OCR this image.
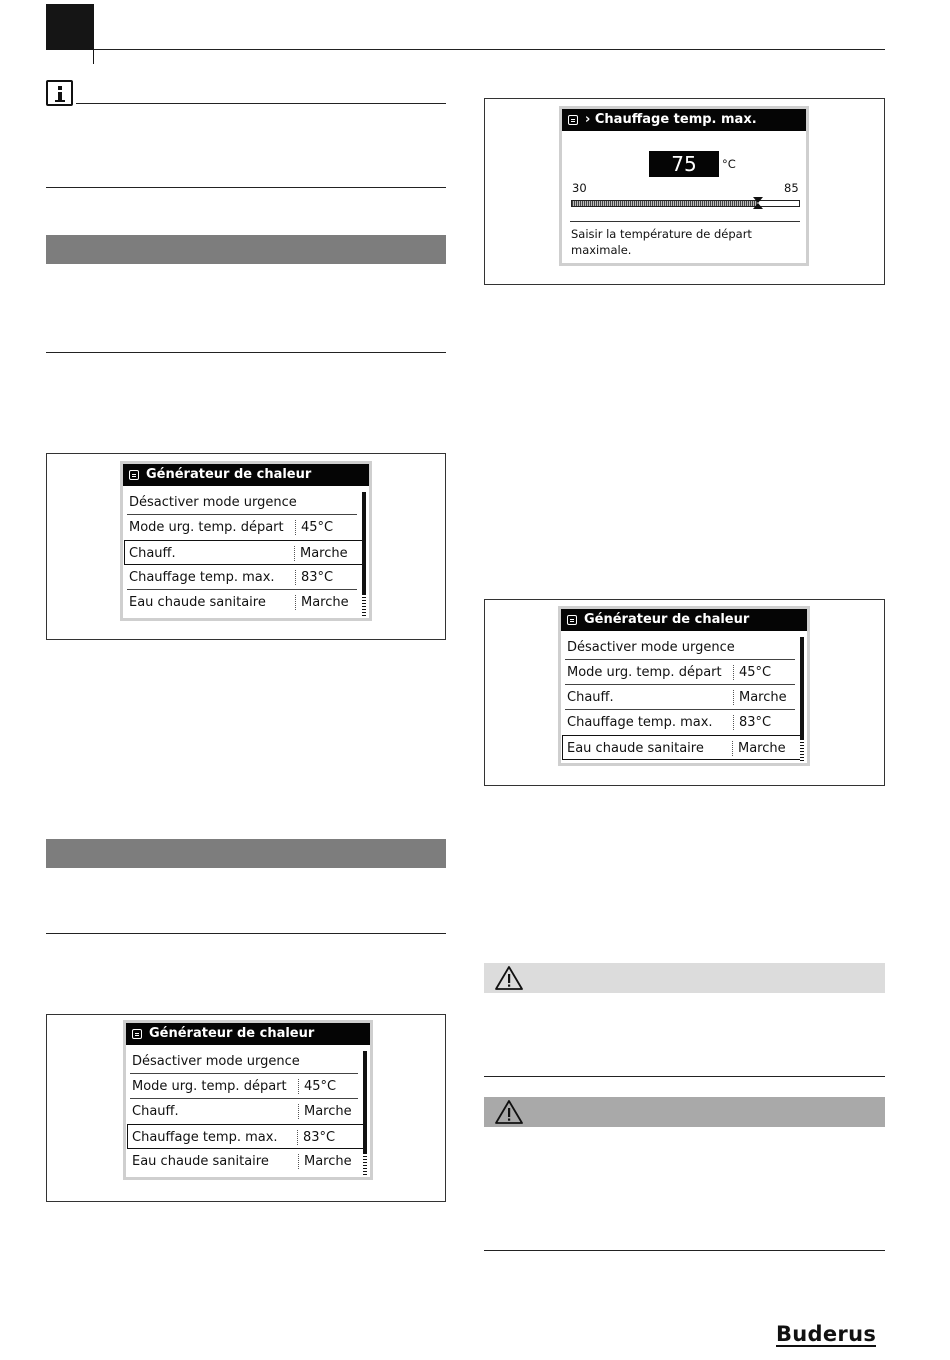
Générateur de chaleur
Désactiver mode urgence
Mode urg. temp. départ 45°C
Chauff.	Marche
Chauffage temp. max. 83°C
Eau chaude sanitaire	Marche
Générateur de chaleur
Désactiver mode urgence
Mode urg. temp. départ 45°C
Chauff.	Marche
Chauffage temp. max. 83°C
Eau chaude sanitaire	Marche
› Chauffage temp. max.
75	°C
30	85
Saisir la température de départ
maximale.
Générateur de chaleur
Désactiver mode urgence
Mode urg. temp. départ 45°C
Chauff.	Marche
Chauffage temp. max. 83°C
Eau chaude sanitaire	Marche
Buderus
